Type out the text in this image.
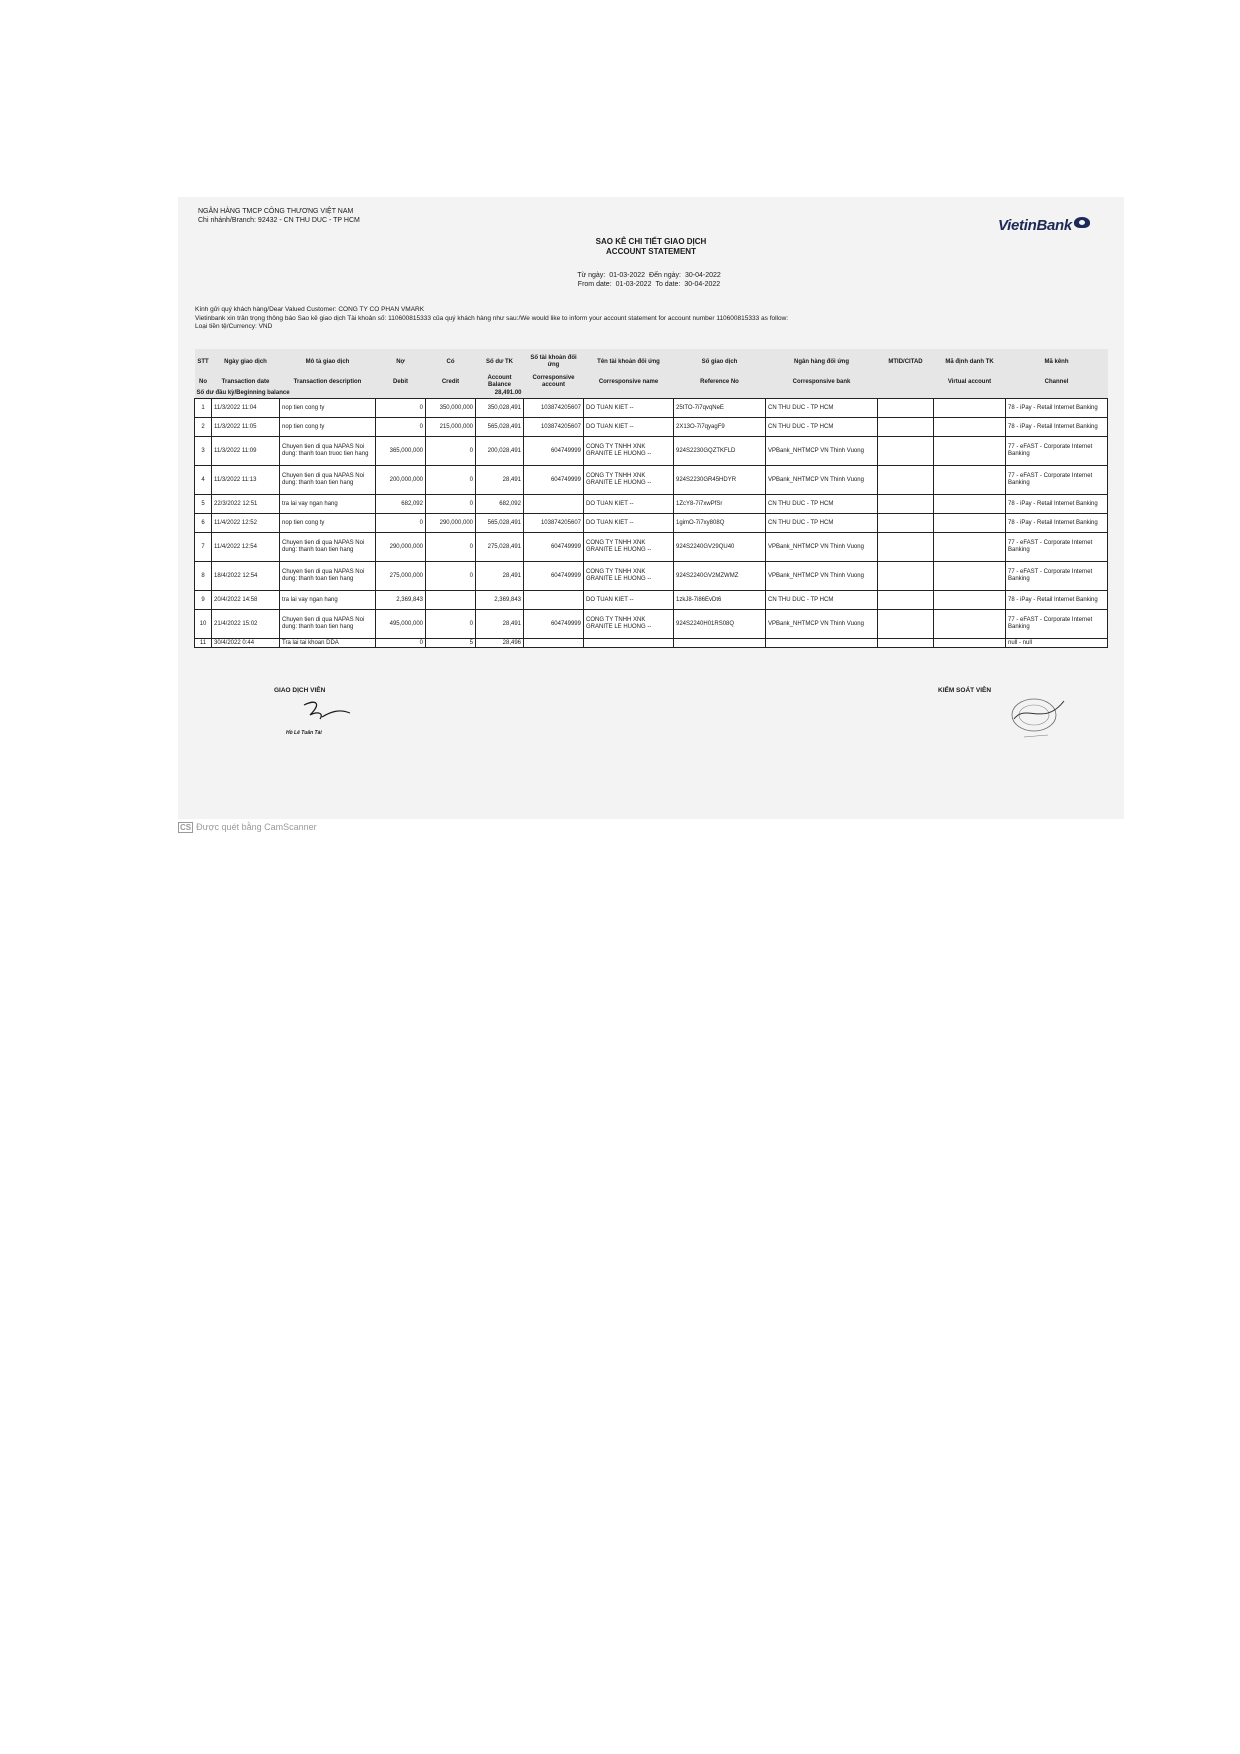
NGÂN HÀNG TMCP CÔNG THƯƠNG VIỆT NAM
Chi nhánh/Branch: 92432 - CN THU DUC - TP HCM	VietinBank
SAO KÊ CHI TIẾT GIAO DỊCH
ACCOUNT STATEMENT
Từ ngày: 01-03-2022 Đến ngày: 30-04-2022
From date: 01-03-2022 To date: 30-04-2022
Kính gửi quý khách hàng/Dear Valued Customer: CONG TY CO PHAN VMARK
Vietinbank xin trân trọng thông báo Sao kê giao dịch Tài khoản số: 110600815333 của quý khách hàng như sau:/We would like to inform your account statement for account number 110600815333 as follow:
Loại tiền tệ/Currency: VND
STT	Ngày giao dịch	Mô tả giao dịch	Nợ	Có	Số dư TK	Số tài khoản đối ứng	Tên tài khoản đối ứng	Số giao dịch	Ngân hàng đối ứng	MTID/CITAD	Mã định danh TK	Mã kênh
No	Transaction date	Transaction description	Debit	Credit	Account Balance	Corresponsive account	Corresponsive name	Reference No	Corresponsive bank		Virtual account	Channel
Số dư đầu kỳ/Beginning balance					28,491.00							
1	11/3/2022 11:04	nop tien cong ty	0	350,000,000	350,028,491	103874205607	DO TUAN KIET --	25tTO-7i7qvqNeE	CN THU DUC - TP HCM			78 - iPay - Retail Internet Banking
2	11/3/2022 11:05	nop tien cong ty	0	215,000,000	565,028,491	103874205607	DO TUAN KIET --	2X13O-7i7qyagF9	CN THU DUC - TP HCM			78 - iPay - Retail Internet Banking
3	11/3/2022 11:09	Chuyen tien di qua NAPAS Noi dung: thanh toan truoc tien hang	365,000,000	0	200,028,491	604749999	CONG TY TNHH XNK GRANITE LE HUONG --	924S2230GQZTKFLD	VPBank_NHTMCP VN Thinh Vuong			77 - eFAST - Corporate Internet Banking
4	11/3/2022 11:13	Chuyen tien di qua NAPAS Noi dung: thanh toan tien hang	200,000,000	0	28,491	604749999	CONG TY TNHH XNK GRANITE LE HUONG --	924S2230GR45HDYR	VPBank_NHTMCP VN Thinh Vuong			77 - eFAST - Corporate Internet Banking
5	22/3/2022 12:51	tra lai vay ngan hang	682,092	0	682,092		DO TUAN KIET --	1ZcY8-7i7xwPfSr	CN THU DUC - TP HCM			78 - iPay - Retail Internet Banking
6	11/4/2022 12:52	nop tien cong ty	0	290,000,000	565,028,491	103874205607	DO TUAN KIET --	1gimO-7i7xy808Q	CN THU DUC - TP HCM			78 - iPay - Retail Internet Banking
7	11/4/2022 12:54	Chuyen tien di qua NAPAS Noi dung: thanh toan tien hang	290,000,000	0	275,028,491	604749999	CONG TY TNHH XNK GRANITE LE HUONG --	924S2240GV29QU40	VPBank_NHTMCP VN Thinh Vuong			77 - eFAST - Corporate Internet Banking
8	18/4/2022 12:54	Chuyen tien di qua NAPAS Noi dung: thanh toan tien hang	275,000,000	0	28,491	604749999	CONG TY TNHH XNK GRANITE LE HUONG --	924S2240GV2MZWMZ	VPBank_NHTMCP VN Thinh Vuong			77 - eFAST - Corporate Internet Banking
9	20/4/2022 14:58	tra lai vay ngan hang	2,369,843		2,369,843		DO TUAN KIET --	1zkJ8-7i86EvDt6	CN THU DUC - TP HCM			78 - iPay - Retail Internet Banking
10	21/4/2022 15:02	Chuyen tien di qua NAPAS Noi dung: thanh toan tien hang	495,000,000	0	28,491	604749999	CONG TY TNHH XNK GRANITE LE HUONG --	924S2240H01RS08Q	VPBank_NHTMCP VN Thinh Vuong			77 - eFAST - Corporate Internet Banking
11	30/4/2022 0:44	Tra lai tai khoan DDA	0	5	28,496							null - null
GIAO DỊCH VIÊN
Hồ Lê Tuấn Tài
KIỂM SOÁT VIÊN
CS Được quét bằng CamScanner
